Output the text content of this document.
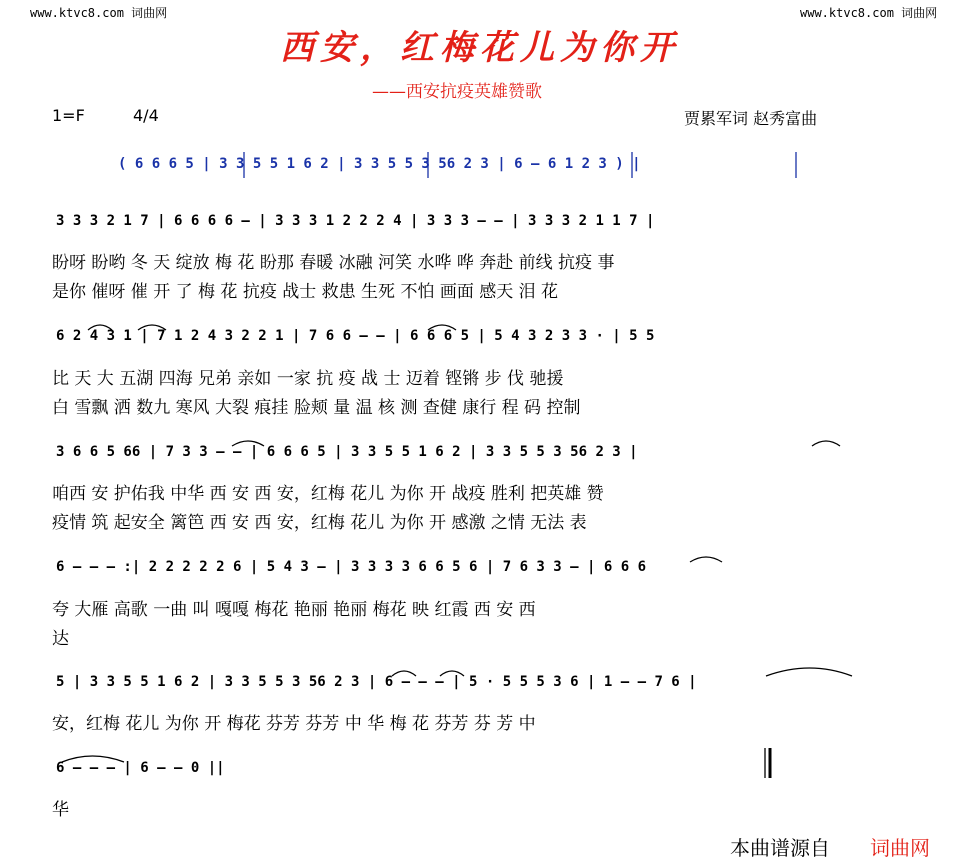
www.ktvc8.com 词曲网	www.ktvc8.com 词曲网
西安，红梅花儿为你开
——西安抗疫英雄赞歌
1=F	4/4	贾累军词 赵秀富曲
( 6 6 6 5 | 3 3 5 5 1 6 2 | 3 3 5 5 3 56 2 3 | 6 – 6 1 2 3 ) |
3 3 3 2 1 7 | 6 6 6 6 – | 3 3 3 1 2 2 2 4 | 3 3 3 – – | 3 3 3 2 1 1 7 |
盼呀 盼哟 冬 天 绽放 梅 花 盼那 春暖 冰融 河笑 水哗 哗 奔赴 前线 抗疫 事
是你 催呀 催 开 了 梅 花 抗疫 战士 救患 生死 不怕 画面 感天 泪 花
6 2 4 3 1 | 7 1 2 4 3 2 2 1 | 7 6 6 – – | 6 6 6 5 | 5 4 3 2 3 3 · | 5 5
比 天 大 五湖 四海 兄弟 亲如 一家 抗 疫 战 士 迈着 铿锵 步 伐 驰援
白 雪飘 洒 数九 寒风 大裂 痕挂 脸颊 量 温 核 测 查健 康行 程 码 控制
3 6 6 5 66 | 7 3 3 – – | 6 6 6 5 | 3 3 5 5 1 6 2 | 3 3 5 5 3 56 2 3 |
咱西 安 护佑我 中华 西 安 西 安，红梅 花儿 为你 开 战疫 胜利 把英雄 赞
疫情 筑 起安全 篱笆 西 安 西 安，红梅 花儿 为你 开 感激 之情 无法 表
6 – – – :| 2 2 2 2 2 6 | 5 4 3 – | 3 3 3 3 6 6 5 6 | 7 6 3 3 – | 6 6 6
夸 大雁 高歌 一曲 叫 嘎嘎 梅花 艳丽 艳丽 梅花 映 红霞 西 安 西
达
5 | 3 3 5 5 1 6 2 | 3 3 5 5 3 56 2 3 | 6 – – – | 5 · 5 5 5 3 6 | 1 – – 7 6 |
安，红梅 花儿 为你 开 梅花 芬芳 芬芳 中 华 梅 花 芬芳 芬 芳 中
6 – – – | 6 – – 0 ||
华
本曲谱源自 词曲网
